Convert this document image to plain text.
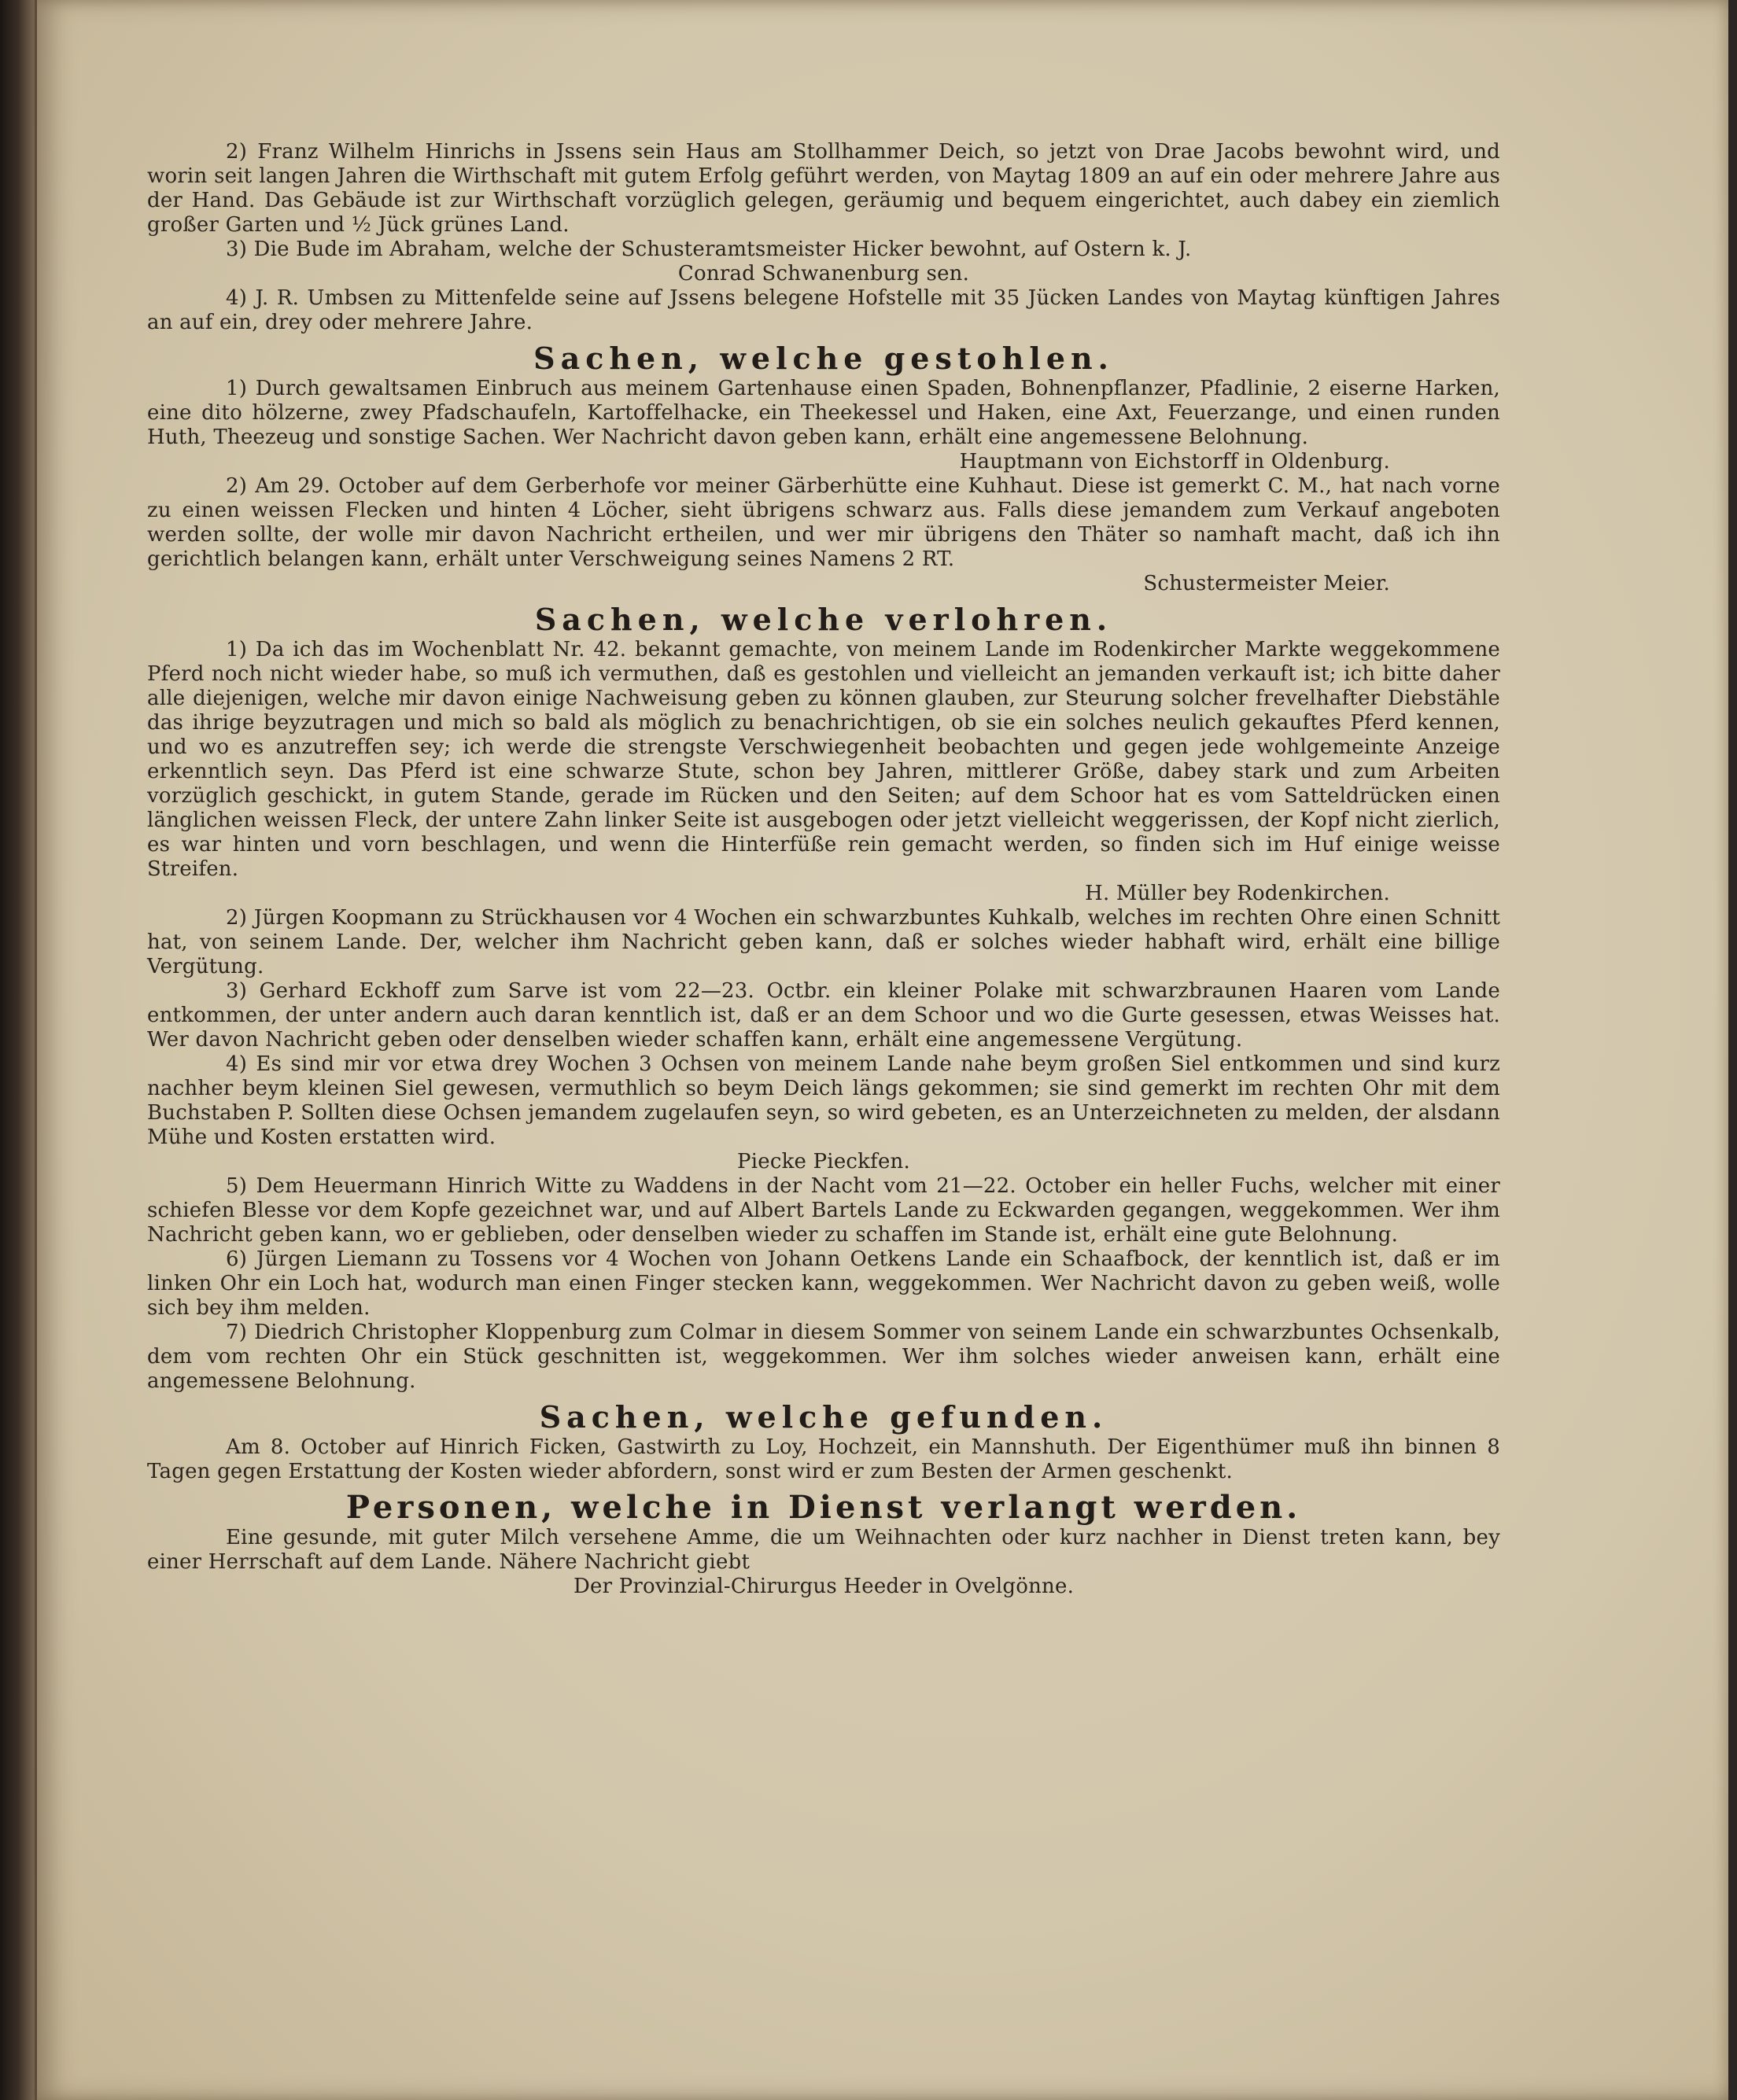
2) Franz Wilhelm Hinrichs in Jssens sein Haus am Stollhammer Deich, so jetzt von Drae Jacobs bewohnt wird, und worin seit langen Jahren die Wirthschaft mit gutem Erfolg geführt werden, von Maytag 1809 an auf ein oder mehrere Jahre aus der Hand. Das Gebäude ist zur Wirthschaft vorzüglich gelegen, geräumig und bequem eingerichtet, auch dabey ein ziemlich großer Garten und ½ Jück grünes Land.

3) Die Bude im Abraham, welche der Schusteramtsmeister Hicker bewohnt, auf Ostern k. J.

Conrad Schwanenburg sen.

4) J. R. Umbsen zu Mittenfelde seine auf Jssens belegene Hofstelle mit 35 Jücken Landes von Maytag künftigen Jahres an auf ein, drey oder mehrere Jahre.

Sachen, welche gestohlen.

1) Durch gewaltsamen Einbruch aus meinem Gartenhause einen Spaden, Bohnenpflanzer, Pfadlinie, 2 eiserne Harken, eine dito hölzerne, zwey Pfadschaufeln, Kartoffelhacke, ein Theekessel und Haken, eine Axt, Feuerzange, und einen runden Huth, Theezeug und sonstige Sachen. Wer Nachricht davon geben kann, erhält eine angemessene Belohnung.

Hauptmann von Eichstorff in Oldenburg.

2) Am 29. October auf dem Gerberhofe vor meiner Gärberhütte eine Kuhhaut. Diese ist gemerkt C. M., hat nach vorne zu einen weissen Flecken und hinten 4 Löcher, sieht übrigens schwarz aus. Falls diese jemandem zum Verkauf angeboten werden sollte, der wolle mir davon Nachricht ertheilen, und wer mir übrigens den Thäter so namhaft macht, daß ich ihn gerichtlich belangen kann, erhält unter Verschweigung seines Namens 2 RT.

Schustermeister Meier.
Sachen, welche verlohren.

1) Da ich das im Wochenblatt Nr. 42. bekannt gemachte, von meinem Lande im Rodenkircher Markte weggekommene Pferd noch nicht wieder habe, so muß ich vermuthen, daß es gestohlen und vielleicht an jemanden verkauft ist; ich bitte daher alle diejenigen, welche mir davon einige Nachweisung geben zu können glauben, zur Steurung solcher frevelhafter Diebstähle das ihrige beyzutragen und mich so bald als möglich zu benachrichtigen, ob sie ein solches neulich gekauftes Pferd kennen, und wo es anzutreffen sey; ich werde die strengste Verschwiegenheit beobachten und gegen jede wohlgemeinte Anzeige erkenntlich seyn. Das Pferd ist eine schwarze Stute, schon bey Jahren, mittlerer Größe, dabey stark und zum Arbeiten vorzüglich geschickt, in gutem Stande, gerade im Rücken und den Seiten; auf dem Schoor hat es vom Satteldrücken einen länglichen weissen Fleck, der untere Zahn linker Seite ist ausgebogen oder jetzt vielleicht weggerissen, der Kopf nicht zierlich, es war hinten und vorn beschlagen, und wenn die Hinterfüße rein gemacht werden, so finden sich im Huf einige weisse Streifen.

H. Müller bey Rodenkirchen.

2) Jürgen Koopmann zu Strückhausen vor 4 Wochen ein schwarzbuntes Kuhkalb, welches im rechten Ohre einen Schnitt hat, von seinem Lande. Der, welcher ihm Nachricht geben kann, daß er solches wieder habhaft wird, erhält eine billige Vergütung.

3) Gerhard Eckhoff zum Sarve ist vom 22—23. Octbr. ein kleiner Polake mit schwarzbraunen Haaren vom Lande entkommen, der unter andern auch daran kenntlich ist, daß er an dem Schoor und wo die Gurte gesessen, etwas Weisses hat. Wer davon Nachricht geben oder denselben wieder schaffen kann, erhält eine angemessene Vergütung.

4) Es sind mir vor etwa drey Wochen 3 Ochsen von meinem Lande nahe beym großen Siel entkommen und sind kurz nachher beym kleinen Siel gewesen, vermuthlich so beym Deich längs gekommen; sie sind gemerkt im rechten Ohr mit dem Buchstaben P. Sollten diese Ochsen jemandem zugelaufen seyn, so wird gebeten, es an Unterzeichneten zu melden, der alsdann Mühe und Kosten erstatten wird.

Piecke Pieckfen.

5) Dem Heuermann Hinrich Witte zu Waddens in der Nacht vom 21—22. October ein heller Fuchs, welcher mit einer schiefen Blesse vor dem Kopfe gezeichnet war, und auf Albert Bartels Lande zu Eckwarden gegangen, weggekommen. Wer ihm Nachricht geben kann, wo er geblieben, oder denselben wieder zu schaffen im Stande ist, erhält eine gute Belohnung.

6) Jürgen Liemann zu Tossens vor 4 Wochen von Johann Oetkens Lande ein Schaafbock, der kenntlich ist, daß er im linken Ohr ein Loch hat, wodurch man einen Finger stecken kann, weggekommen. Wer Nachricht davon zu geben weiß, wolle sich bey ihm melden.

7) Diedrich Christopher Kloppenburg zum Colmar in diesem Sommer von seinem Lande ein schwarzbuntes Ochsenkalb, dem vom rechten Ohr ein Stück geschnitten ist, weggekommen. Wer ihm solches wieder anweisen kann, erhält eine angemessene Belohnung.

Sachen, welche gefunden.

Am 8. October auf Hinrich Ficken, Gastwirth zu Loy, Hochzeit, ein Mannshuth. Der Eigenthümer muß ihn binnen 8 Tagen gegen Erstattung der Kosten wieder abfordern, sonst wird er zum Besten der Armen geschenkt.

Personen, welche in Dienst verlangt werden.

Eine gesunde, mit guter Milch versehene Amme, die um Weihnachten oder kurz nachher in Dienst treten kann, bey einer Herrschaft auf dem Lande. Nähere Nachricht giebt

Der Provinzial-Chirurgus Heeder in Ovelgönne.
